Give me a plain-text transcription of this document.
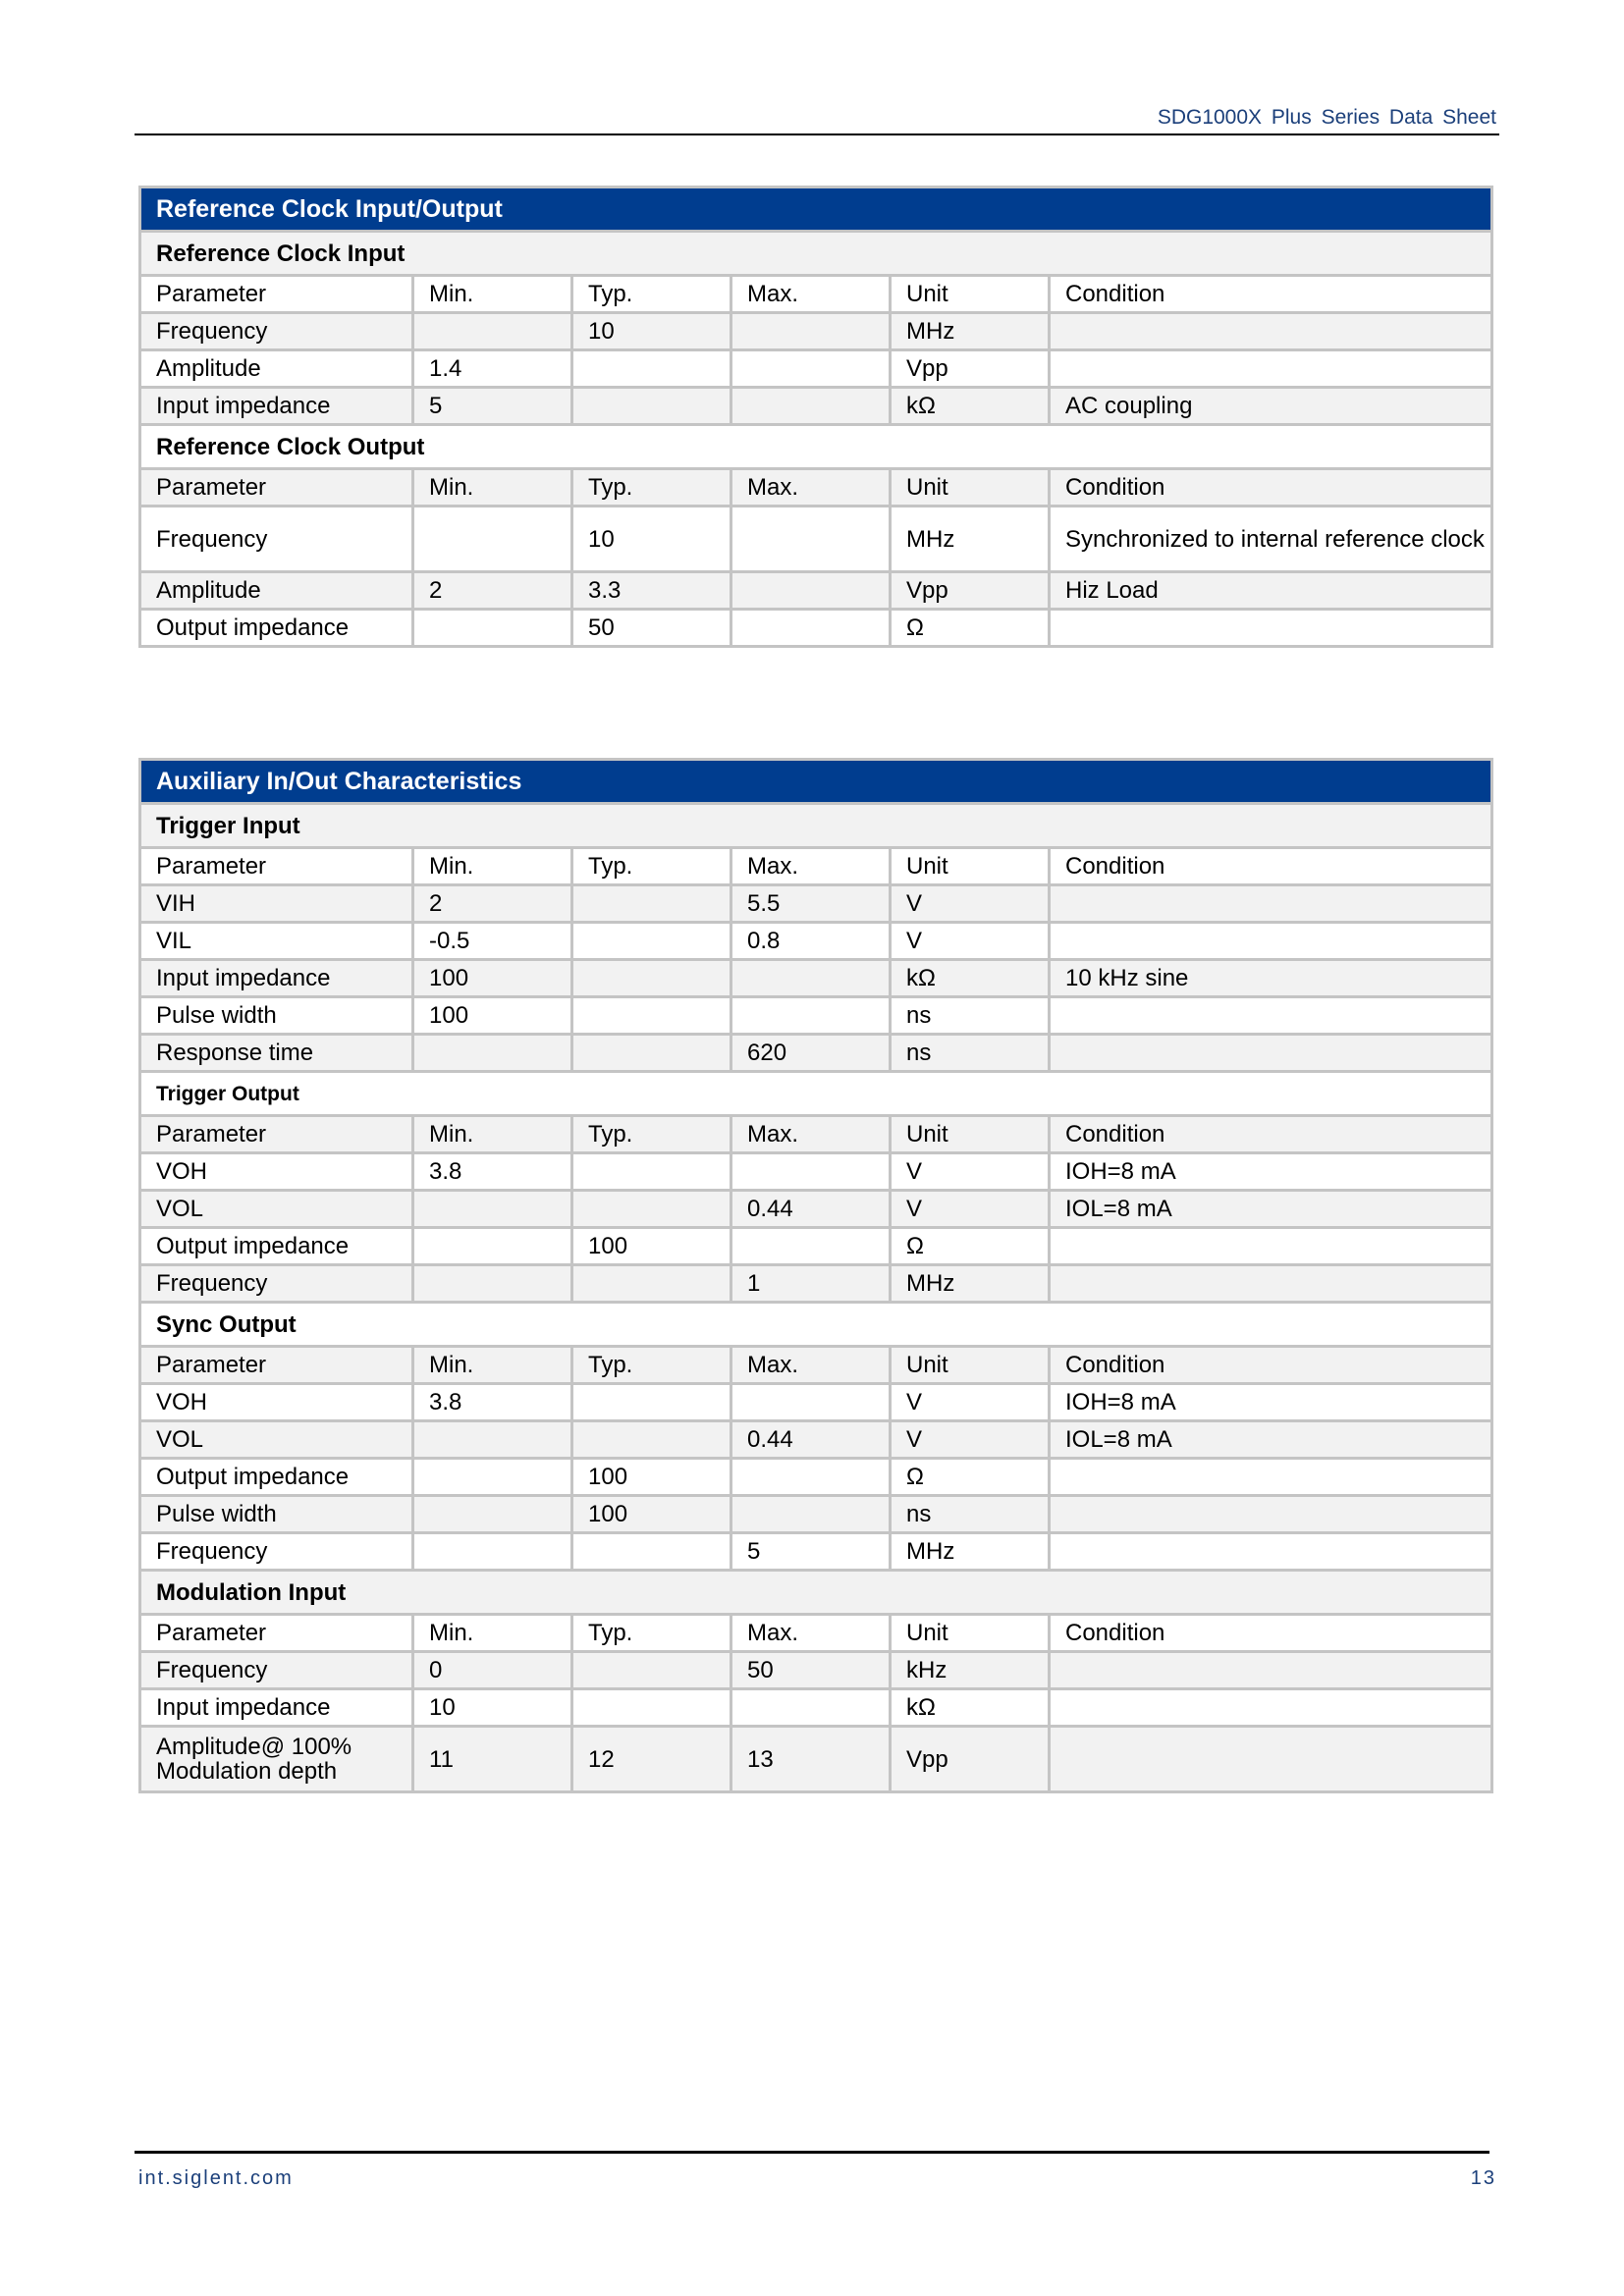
SDG1000X Plus Series Data Sheet
Reference Clock Input/Output					
Reference Clock Input					
Parameter	Min.	Typ.	Max.	Unit	Condition
Frequency		10		MHz	
Amplitude	1.4			Vpp	
Input impedance	5			kΩ	AC coupling
Reference Clock Output					
Parameter	Min.	Typ.	Max.	Unit	Condition
Frequency		10		MHz	Synchronized to internal reference clock
Amplitude	2	3.3		Vpp	Hiz Load
Output impedance		50		Ω	
Auxiliary In/Out Characteristics					
Trigger Input					
Parameter	Min.	Typ.	Max.	Unit	Condition
VIH	2		5.5	V	
VIL	-0.5		0.8	V	
Input impedance	100			kΩ	10 kHz sine
Pulse width	100			ns	
Response time			620	ns	
Trigger Output					
Parameter	Min.	Typ.	Max.	Unit	Condition
VOH	3.8			V	IOH=8 mA
VOL			0.44	V	IOL=8 mA
Output impedance		100		Ω	
Frequency			1	MHz	
Sync Output					
Parameter	Min.	Typ.	Max.	Unit	Condition
VOH	3.8			V	IOH=8 mA
VOL			0.44	V	IOL=8 mA
Output impedance		100		Ω	
Pulse width		100		ns	
Frequency			5	MHz	
Modulation Input					
Parameter	Min.	Typ.	Max.	Unit	Condition
Frequency	0		50	kHz	
Input impedance	10			kΩ	
Amplitude@ 100% Modulation depth	11	12	13	Vpp	
int.siglent.com	13
